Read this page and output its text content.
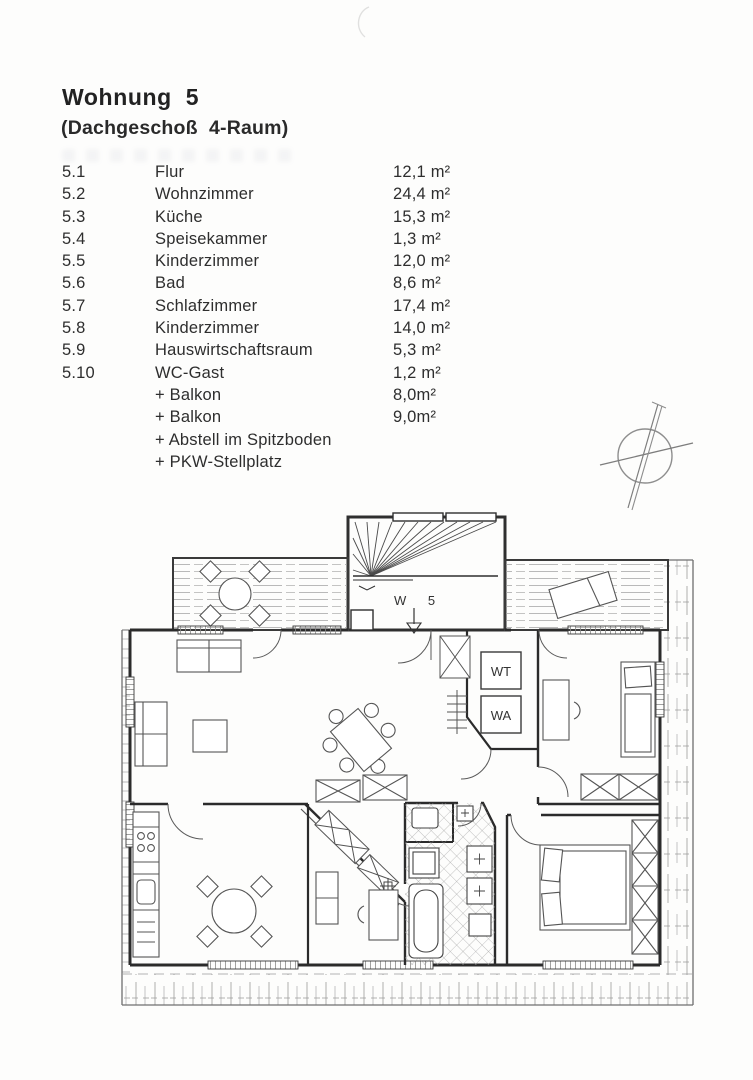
Wohnung  5
(Dachgeschoß  4-Raum)
5.1	Flur	12,1 m²
5.2	Wohnzimmer	24,4 m²
5.3	Küche	15,3 m²
5.4	Speisekammer	1,3 m²
5.5	Kinderzimmer	12,0 m²
5.6	Bad	8,6 m²
5.7	Schlafzimmer	17,4 m²
5.8	Kinderzimmer	14,0 m²
5.9	Hauswirtschaftsraum	5,3 m²
5.10	WC-Gast	1,2 m²
+ Balkon	8,0m²
+ Balkon	9,0m²
+ Abstell im Spitzboden
+ PKW-Stellplatz
W 5
WT
WA
